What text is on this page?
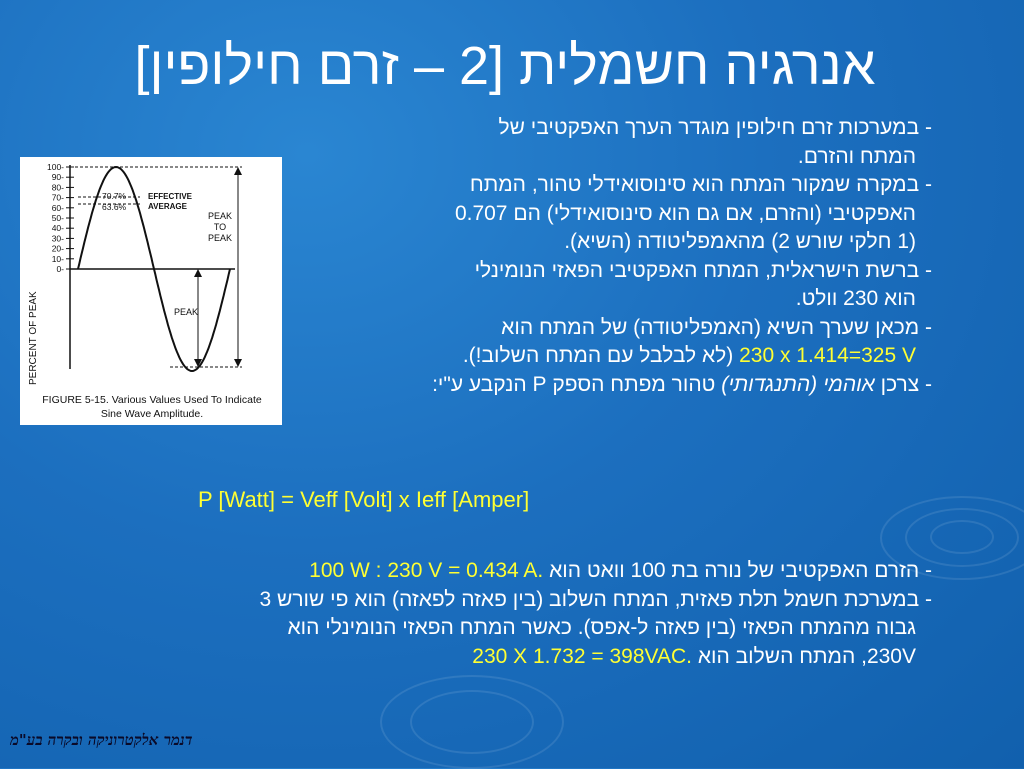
אנרגיה חשמלית [2 – זרם חילופין]

- במערכות זרם חילופין מוגדר הערך האפקטיבי של

המתח והזרם.

- במקרה שמקור המתח הוא סינוסואידלי טהור, המתח

האפקטיבי (והזרם, אם גם הוא סינוסואידלי) הם 0.707

(1 חלקי שורש 2) מהאמפליטודה (השיא).

- ברשת הישראלית, המתח האפקטיבי הפאזי הנומינלי

הוא 230 וולט.

- מכאן שערך השיא (האמפליטודה) של המתח הוא

230 x 1.414=325 V (לא לבלבל עם המתח השלוב!).

- צרכן אוהמי (התנגדותי) טהור מפתח הספק P הנקבע ע"י:

P [Watt] = Veff [Volt] x Ieff [Amper]

- הזרם האפקטיבי של נורה בת 100 וואט הוא 100 W : 230 V = 0.434 A.

- במערכת חשמל תלת פאזית, המתח השלוב (בין פאזה לפאזה) הוא פי שורש 3

גבוה מהמתח הפאזי (בין פאזה ל-אפס). כאשר המתח הפאזי הנומינלי הוא

230V, המתח השלוב הוא 230 X 1.732 = 398VAC.

100-
90-
80-
70-
60-
50-
40-
30-
20-
10-
0-
70.7%
63.6%
EFFECTIVE
AVERAGE
PEAK
TO
PEAK
PEAK
PERCENT OF PEAK
FIGURE 5-15. Various Values Used To Indicate
Sine Wave Amplitude.
דנמר אלקטרוניקה ובקרה בע"מ
